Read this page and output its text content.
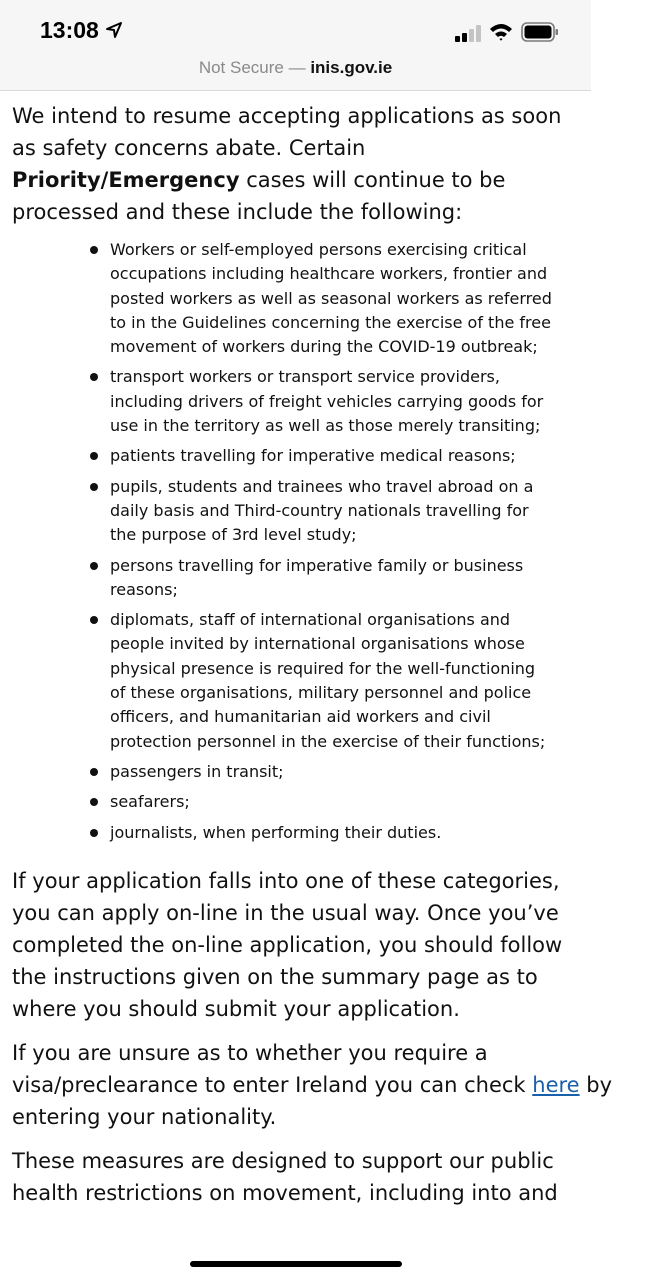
13:08
Not Secure — inis.gov.ie

We intend to resume accepting applications as soon as safety concerns abate. Certain Priority/Emergency cases will continue to be processed and these include the following:

Workers or self-employed persons exercising critical occupations including healthcare workers, frontier and posted workers as well as seasonal workers as referred to in the Guidelines concerning the exercise of the free movement of workers during the COVID-19 outbreak;
transport workers or transport service providers, including drivers of freight vehicles carrying goods for use in the territory as well as those merely transiting;
patients travelling for imperative medical reasons;
pupils, students and trainees who travel abroad on a daily basis and Third-country nationals travelling for the purpose of 3rd level study;
persons travelling for imperative family or business reasons;
diplomats, staff of international organisations and people invited by international organisations whose physical presence is required for the well-functioning of these organisations, military personnel and police officers, and humanitarian aid workers and civil protection personnel in the exercise of their functions;
passengers in transit;
seafarers;
journalists, when performing their duties.

If your application falls into one of these categories, you can apply on-line in the usual way. Once you’ve completed the on-line application, you should follow the instructions given on the summary page as to where you should submit your application.

If you are unsure as to whether you require a visa/preclearance to enter Ireland you can check here by entering your nationality.

These measures are designed to support our public health restrictions on movement, including into and
